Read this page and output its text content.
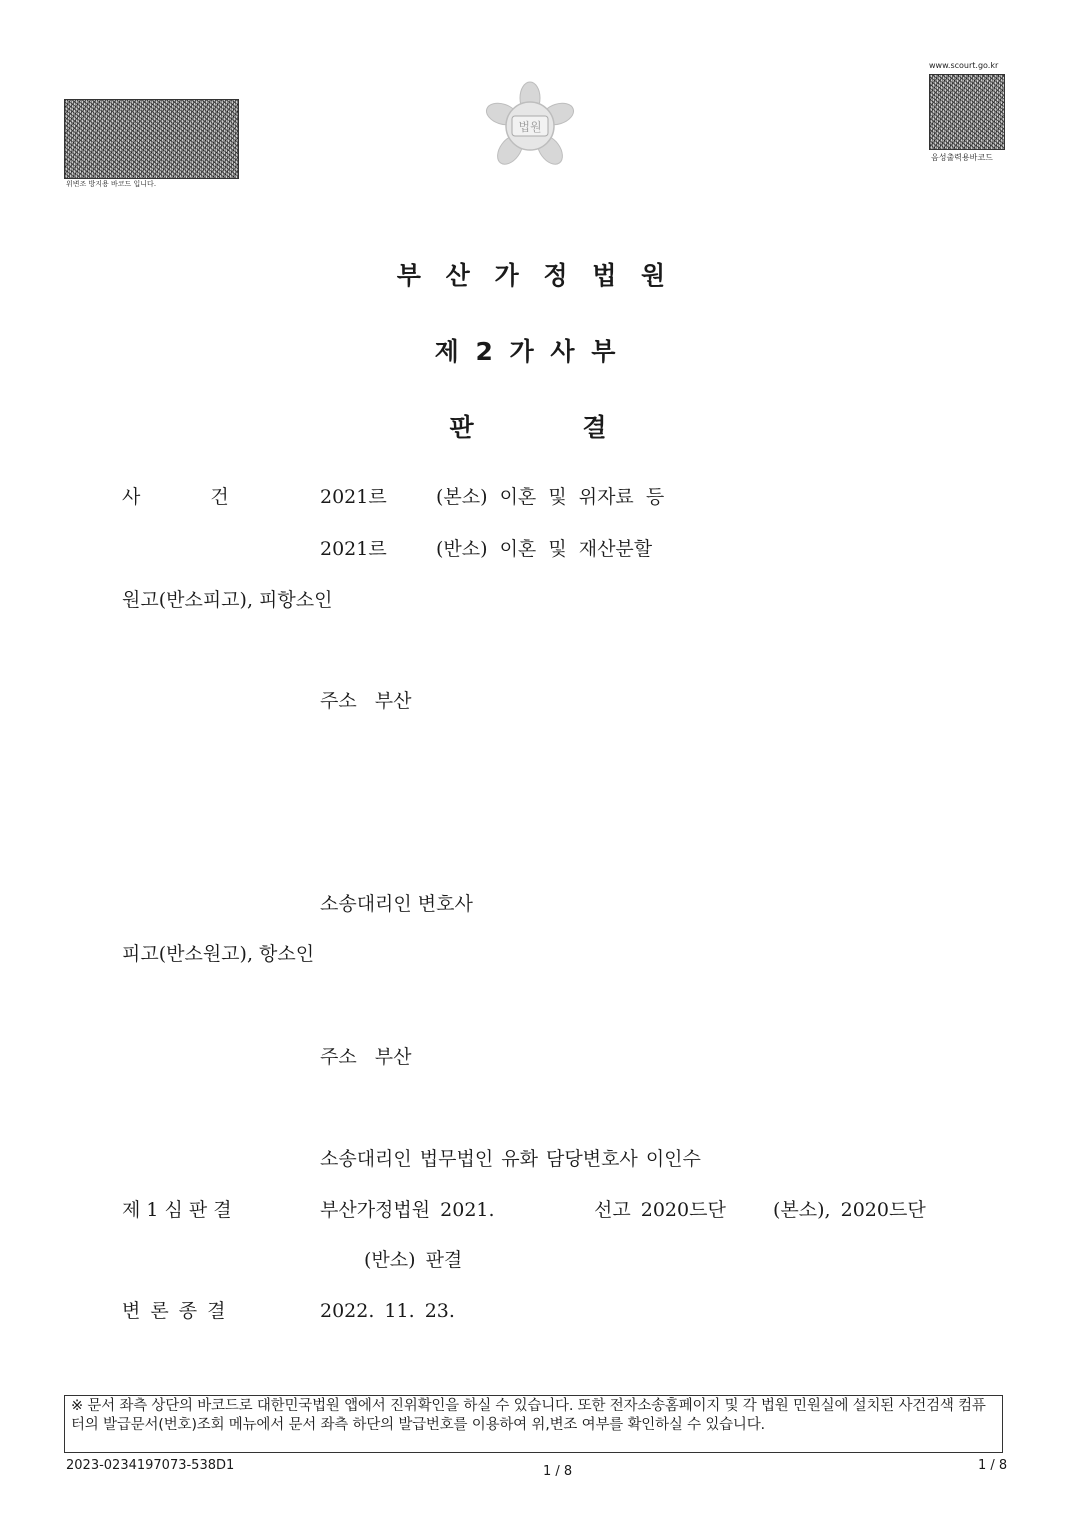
위변조 방지용 바코드 입니다.
법원
www.scourt.go.kr
음성출력용바코드
부 산 가 정 법 원
제 2 가 사 부
판 결
사 건	2021르	(본소) 이혼 및 위자료 등
2021르	(반소) 이혼 및 재산분할
원고(반소피고), 피항소인
주소 부산
소송대리인 변호사
피고(반소원고), 항소인
주소 부산
소송대리인 법무법인 유화 담당변호사 이인수
제 1 심 판 결	부산가정법원 2021.	선고 2020드단 (본소), 2020드단
(반소) 판결
변 론 종 결	2022. 11. 23.
※ 문서 좌측 상단의 바코드로 대한민국법원 앱에서 진위확인을 하실 수 있습니다. 또한 전자소송홈페이지 및 각 법원 민원실에 설치된 사건검색 컴퓨터의 발급문서(번호)조회 메뉴에서 문서 좌측 하단의 발급번호를 이용하여 위,변조 여부를 확인하실 수 있습니다.
2023-0234197073-538D1	1 / 8	1 / 8
